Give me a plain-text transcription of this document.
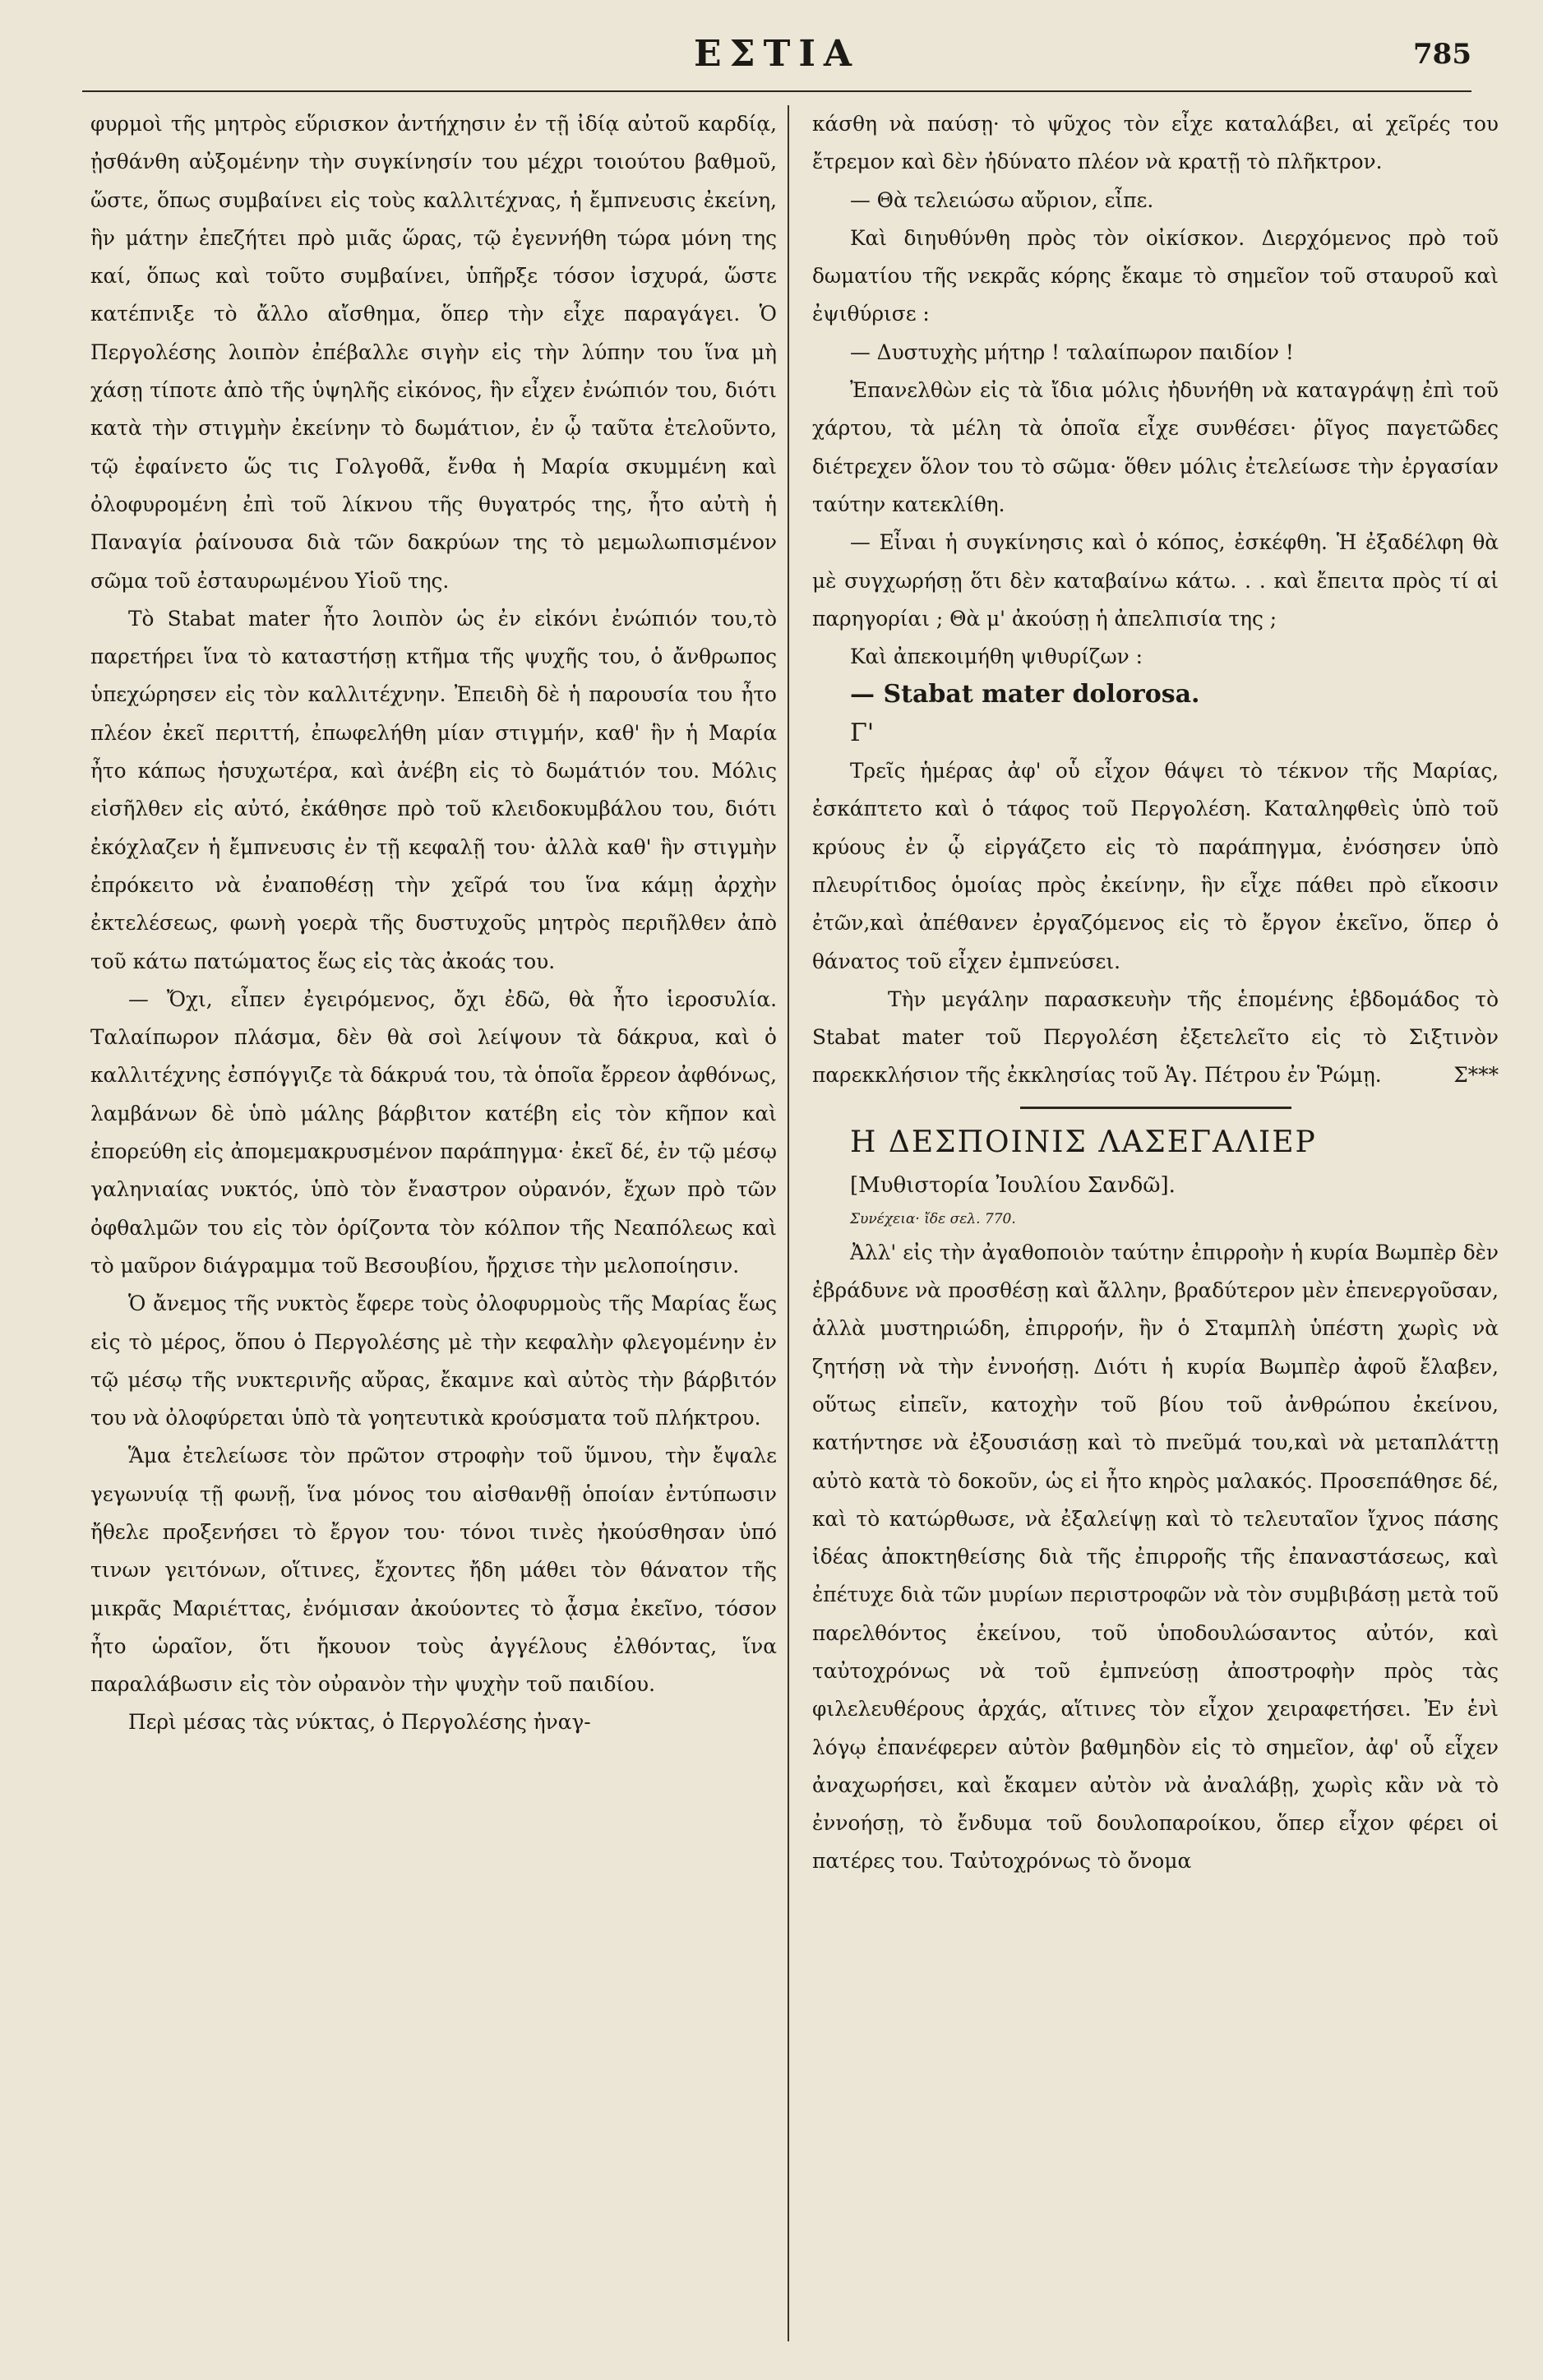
ΕΣΤΙΑ	785

φυρμοὶ τῆς μητρὸς εὕρισκον ἀντήχησιν ἐν τῇ ἰδίᾳ αὐτοῦ καρδίᾳ, ᾐσθάνθη αὐξομένην τὴν συγκίνησίν του μέχρι τοιούτου βαθμοῦ, ὥστε, ὅπως συμβαίνει εἰς τοὺς καλλιτέχνας, ἡ ἔμπνευσις ἐκείνη, ἣν μάτην ἐπεζήτει πρὸ μιᾶς ὥρας, τῷ ἐγεννήθη τώρα μόνη της καί, ὅπως καὶ τοῦτο συμβαίνει, ὑπῆρξε τόσον ἰσχυρά, ὥστε κατέπνιξε τὸ ἄλλο αἴσθημα, ὅπερ τὴν εἶχε παραγάγει. Ὁ Περγολέσης λοιπὸν ἐπέβαλλε σιγὴν εἰς τὴν λύπην του ἵνα μὴ χάσῃ τίποτε ἀπὸ τῆς ὑψηλῆς εἰκόνος, ἣν εἶχεν ἐνώπιόν του, διότι κατὰ τὴν στιγμὴν ἐκείνην τὸ δωμάτιον, ἐν ᾧ ταῦτα ἐτελοῦντο, τῷ ἐφαίνετο ὥς τις Γολγοθᾶ, ἔνθα ἡ Μαρία σκυμμένη καὶ ὀλοφυρομένη ἐπὶ τοῦ λίκνου τῆς θυγατρός της, ἦτο αὐτὴ ἡ Παναγία ῥαίνουσα διὰ τῶν δακρύων της τὸ μεμωλωπισμένον σῶμα τοῦ ἐσταυρωμένου Υἱοῦ της.

Τὸ Stabat mater ἦτο λοιπὸν ὡς ἐν εἰκόνι ἐνώπιόν του,τὸ παρετήρει ἵνα τὸ καταστήσῃ κτῆμα τῆς ψυχῆς του, ὁ ἄνθρωπος ὑπεχώρησεν εἰς τὸν καλλιτέχνην. Ἐπειδὴ δὲ ἡ παρουσία του ἦτο πλέον ἐκεῖ περιττή, ἐπωφελήθη μίαν στιγμήν, καθ' ἣν ἡ Μαρία ἦτο κάπως ἡσυχωτέρα, καὶ ἀνέβη εἰς τὸ δωμάτιόν του. Μόλις εἰσῆλθεν εἰς αὐτό, ἐκάθησε πρὸ τοῦ κλειδοκυμβάλου του, διότι ἐκόχλαζεν ἡ ἔμπνευσις ἐν τῇ κεφαλῇ του· ἀλλὰ καθ' ἣν στιγμὴν ἐπρόκειτο νὰ ἐναποθέσῃ τὴν χεῖρά του ἵνα κάμῃ ἀρχὴν ἐκτελέσεως, φωνὴ γοερὰ τῆς δυστυχοῦς μητρὸς περιῆλθεν ἀπὸ τοῦ κάτω πατώματος ἕως εἰς τὰς ἀκοάς του.

— Ὄχι, εἶπεν ἐγειρόμενος, ὄχι ἐδῶ, θὰ ἦτο ἱεροσυλία. Ταλαίπωρον πλάσμα, δὲν θὰ σοὶ λείψουν τὰ δάκρυα, καὶ ὁ καλλιτέχνης ἐσπόγγιζε τὰ δάκρυά του, τὰ ὁποῖα ἔρρεον ἀφθόνως, λαμβάνων δὲ ὑπὸ μάλης βάρβιτον κατέβη εἰς τὸν κῆπον καὶ ἐπορεύθη εἰς ἀπομεμακρυσμένον παράπηγμα· ἐκεῖ δέ, ἐν τῷ μέσῳ γαληνιαίας νυκτός, ὑπὸ τὸν ἔναστρον οὐρανόν, ἔχων πρὸ τῶν ὀφθαλμῶν του εἰς τὸν ὁρίζοντα τὸν κόλπον τῆς Νεαπόλεως καὶ τὸ μαῦρον διάγραμμα τοῦ Βεσουβίου, ἤρχισε τὴν μελοποίησιν.

Ὁ ἄνεμος τῆς νυκτὸς ἔφερε τοὺς ὀλοφυρμοὺς τῆς Μαρίας ἕως εἰς τὸ μέρος, ὅπου ὁ Περγολέσης μὲ τὴν κεφαλὴν φλεγομένην ἐν τῷ μέσῳ τῆς νυκτερινῆς αὔρας, ἔκαμνε καὶ αὐτὸς τὴν βάρβιτόν του νὰ ὀλοφύρεται ὑπὸ τὰ γοητευτικὰ κρούσματα τοῦ πλήκτρου.

Ἅμα ἐτελείωσε τὸν πρῶτον στροφὴν τοῦ ὕμνου, τὴν ἔψαλε γεγωνυίᾳ τῇ φωνῇ, ἵνα μόνος του αἰσθανθῇ ὁποίαν ἐντύπωσιν ἤθελε προξενήσει τὸ ἔργον του· τόνοι τινὲς ἠκούσθησαν ὑπό τινων γειτόνων, οἵτινες, ἔχοντες ἤδη μάθει τὸν θάνατον τῆς μικρᾶς Μαριέττας, ἐνόμισαν ἀκούοντες τὸ ᾆσμα ἐκεῖνο, τόσον ἦτο ὡραῖον, ὅτι ἤκουον τοὺς ἀγγέλους ἐλθόντας, ἵνα παραλάβωσιν εἰς τὸν οὐρανὸν τὴν ψυχὴν τοῦ παιδίου.

Περὶ μέσας τὰς νύκτας, ὁ Περγολέσης ἠναγ-

κάσθη νὰ παύσῃ· τὸ ψῦχος τὸν εἶχε καταλάβει, αἱ χεῖρές του ἔτρεμον καὶ δὲν ἠδύνατο πλέον νὰ κρατῇ τὸ πλῆκτρον.

— Θὰ τελειώσω αὔριον, εἶπε.

Καὶ διηυθύνθη πρὸς τὸν οἰκίσκον. Διερχόμενος πρὸ τοῦ δωματίου τῆς νεκρᾶς κόρης ἔκαμε τὸ σημεῖον τοῦ σταυροῦ καὶ ἐψιθύρισε :

— Δυστυχὴς μήτηρ ! ταλαίπωρον παιδίον !

Ἐπανελθὼν εἰς τὰ ἴδια μόλις ἠδυνήθη νὰ καταγράψῃ ἐπὶ τοῦ χάρτου, τὰ μέλη τὰ ὁποῖα εἶχε συνθέσει· ῥῖγος παγετῶδες διέτρεχεν ὅλον του τὸ σῶμα· ὅθεν μόλις ἐτελείωσε τὴν ἐργασίαν ταύτην κατεκλίθη.

— Εἶναι ἡ συγκίνησις καὶ ὁ κόπος, ἐσκέφθη. Ἡ ἐξαδέλφη θὰ μὲ συγχωρήσῃ ὅτι δὲν καταβαίνω κάτω. . . καὶ ἔπειτα πρὸς τί αἱ παρηγορίαι ; Θὰ μ' ἀκούσῃ ἡ ἀπελπισία της ;

Καὶ ἀπεκοιμήθη ψιθυρίζων :

— Stabat mater dolorosa.

Γ'

Τρεῖς ἡμέρας ἀφ' οὗ εἶχον θάψει τὸ τέκνον τῆς Μαρίας, ἐσκάπτετο καὶ ὁ τάφος τοῦ Περγολέση. Καταληφθεὶς ὑπὸ τοῦ κρύους ἐν ᾧ εἰργάζετο εἰς τὸ παράπηγμα, ἐνόσησεν ὑπὸ πλευρίτιδος ὁμοίας πρὸς ἐκείνην, ἣν εἶχε πάθει πρὸ εἴκοσιν ἐτῶν,καὶ ἀπέθανεν ἐργαζόμενος εἰς τὸ ἔργον ἐκεῖνο, ὅπερ ὁ θάνατος τοῦ εἶχεν ἐμπνεύσει.

Τὴν μεγάλην παρασκευὴν τῆς ἑπομένης ἑβδομάδος τὸ Stabat mater τοῦ Περγολέση ἐξετελεῖτο εἰς τὸ Σιξτινὸν παρεκκλήσιον τῆς ἐκκλησίας τοῦ Ἁγ. Πέτρου ἐν Ῥώμῃ.	Σ***

Η ΔΕΣΠΟΙΝΙΣ ΛΑΣΕΓΑΛΙΕΡ

[Μυθιστορία Ἰουλίου Σανδῶ].

Συνέχεια· ἴδε σελ. 770.

Ἀλλ' εἰς τὴν ἀγαθοποιὸν ταύτην ἐπιρροὴν ἡ κυρία Βωμπὲρ δὲν ἐβράδυνε νὰ προσθέσῃ καὶ ἄλλην, βραδύτερον μὲν ἐπενεργοῦσαν, ἀλλὰ μυστηριώδη, ἐπιρροήν, ἣν ὁ Σταμπλὴ ὑπέστη χωρὶς νὰ ζητήσῃ νὰ τὴν ἐννοήσῃ. Διότι ἡ κυρία Βωμπὲρ ἀφοῦ ἔλαβεν, οὕτως εἰπεῖν, κατοχὴν τοῦ βίου τοῦ ἀνθρώπου ἐκείνου, κατήντησε νὰ ἐξουσιάσῃ καὶ τὸ πνεῦμά του,καὶ νὰ μεταπλάττῃ αὐτὸ κατὰ τὸ δοκοῦν, ὡς εἰ ἦτο κηρὸς μαλακός. Προσεπάθησε δέ, καὶ τὸ κατώρθωσε, νὰ ἐξαλείψῃ καὶ τὸ τελευταῖον ἴχνος πάσης ἰδέας ἀποκτηθείσης διὰ τῆς ἐπιρροῆς τῆς ἐπαναστάσεως, καὶ ἐπέτυχε διὰ τῶν μυρίων περιστροφῶν νὰ τὸν συμβιβάσῃ μετὰ τοῦ παρελθόντος ἐκείνου, τοῦ ὑποδουλώσαντος αὐτόν, καὶ ταὐτοχρόνως νὰ τοῦ ἐμπνεύσῃ ἀποστροφὴν πρὸς τὰς φιλελευθέρους ἀρχάς, αἵτινες τὸν εἶχον χειραφετήσει. Ἐν ἑνὶ λόγῳ ἐπανέφερεν αὐτὸν βαθμηδὸν εἰς τὸ σημεῖον, ἀφ' οὗ εἶχεν ἀναχωρήσει, καὶ ἔκαμεν αὐτὸν νὰ ἀναλάβῃ, χωρὶς κἂν νὰ τὸ ἐννοήσῃ, τὸ ἔνδυμα τοῦ δουλοπαροίκου, ὅπερ εἶχον φέρει οἱ πατέρες του. Ταὐτοχρόνως τὸ ὄνομα
